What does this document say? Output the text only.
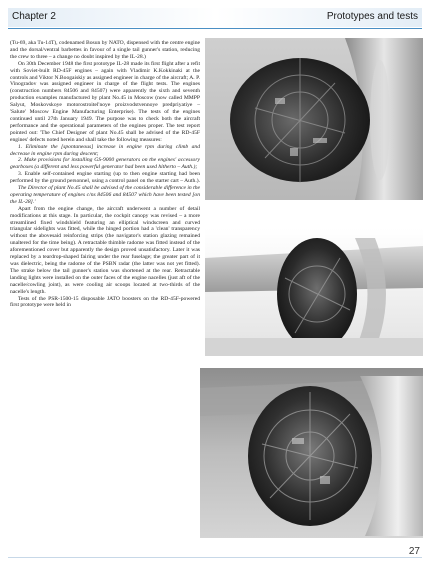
Chapter 2	Prototypes and tests

(Tu-69, aka Tu-14T), codenamed Bosun by NATO, dispensed with the centre engine and the dorsal/ventral barbettes in favour of a single tail gunner's station, reducing the crew to three – a change no doubt inspired by the IL-28.)

On 30th December 1948 the first prototype IL-28 made its first flight after a refit with Soviet-built RD-45F engines – again with Vladimir K.Kokkinaki at the controls and Viktor N.Boogaiskiy as assigned engineer in charge of the aircraft; A. P. Vinogradov was assigned engineer in charge of the flight tests. The engines (construction numbers 84506 and 84507) were apparently the sixth and seventh production examples manufactured by plant No.45 in Moscow (now called MMPP Salyut, Moskovskoye motorostroitel'noye proizvodstvennoye predpriyatiye – 'Salute' Moscow Engine Manufacturing Enterprise). The tests of the engines continued until 27th January 1949. The purpose was to check both the aircraft performance and the operational parameters of the engines proper. The test report pointed out: 'The Chief Designer of plant No.45 shall be advised of the RD-45F engines' defects noted herein and shall take the following measures:

1. Eliminate the [spontaneous] increase in engine rpm during climb and decrease in engine rpm during descent;

2. Make provisions for installing GS-9000 generators on the engines' accessory gearboxes (a different and less powerful generator had been used hitherto – Auth.);

3. Enable self-contained engine starting (up to then engine starting had been performed by the ground personnel, using a control panel on the starter cart – Auth.).

The Director of plant No.45 shall be advised of the considerable difference in the operating temperature of engines c/ns 84506 and 84507 which have been tested [on the IL-28].'

Apart from the engine change, the aircraft underwent a number of detail modifications at this stage. In particular, the cockpit canopy was revised – a more streamlined fixed windshield featuring an elliptical windscreen and curved triangular sidelights was fitted, while the hinged portion had a 'clean' transparency without the abovesaid reinforcing strips (the navigator's station glazing remained unaltered for the time being). A retractable thimble radome was fitted instead of the aforementioned cover but apparently the design proved unsatisfactory. Later it was replaced by a teardrop-shaped fairing under the rear fuselage; the greater part of it was dielectric, being the radome of the PSBN radar (the latter was not yet fitted). The strake below the tail gunner's station was shortened at the rear. Retractable landing lights were installed on the outer faces of the engine nacelles (just aft of the nacelle/cowling joint), as were cooling air scoops located at two-thirds of the nacelle's length.

Tests of the PSR-1500-15 disposable JATO boosters on the RD-45F-powered first prototype were held in

27
